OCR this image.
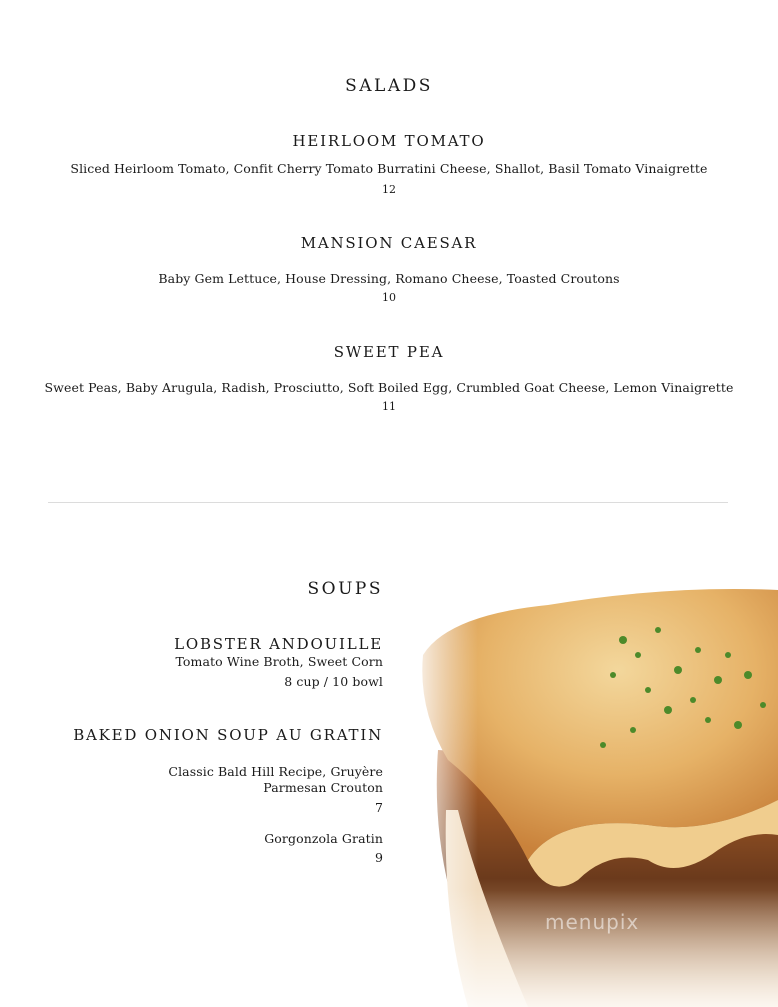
SALADS
HEIRLOOM TOMATO
Sliced Heirloom Tomato, Confit Cherry Tomato Burratini Cheese, Shallot, Basil Tomato Vinaigrette
12
MANSION CAESAR
Baby Gem Lettuce, House Dressing, Romano Cheese, Toasted Croutons
10
SWEET PEA
Sweet Peas, Baby Arugula, Radish, Prosciutto, Soft Boiled Egg, Crumbled Goat Cheese, Lemon Vinaigrette
11
menupix
SOUPS
LOBSTER ANDOUILLE
Tomato Wine Broth, Sweet Corn
8 cup / 10 bowl
BAKED ONION SOUP AU GRATIN
Classic Bald Hill Recipe, Gruyère
Parmesan Crouton
7
Gorgonzola Gratin
9
